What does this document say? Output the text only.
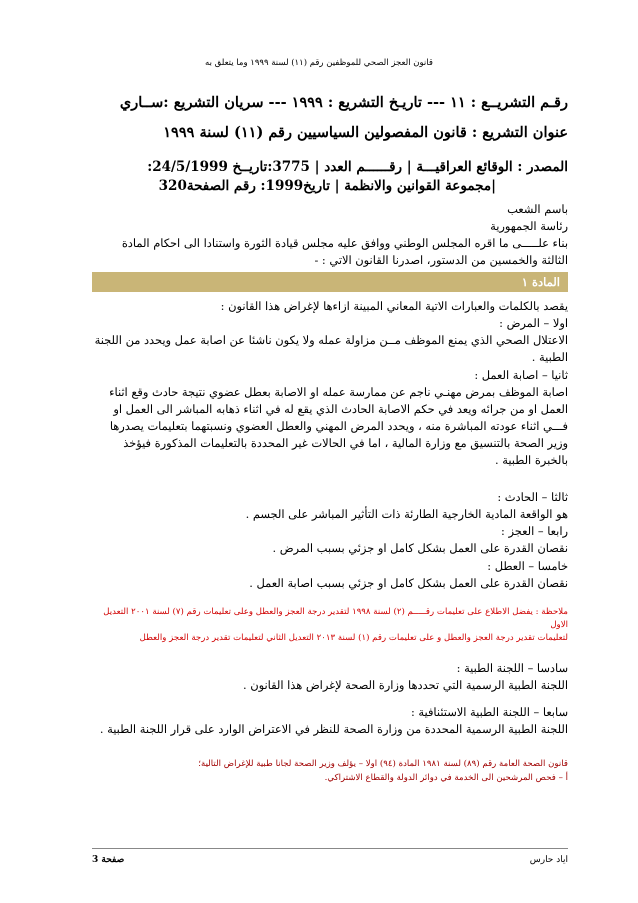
قانون العجز الصحي للموظفين رقم (١١) لسنة ١٩٩٩ وما يتعلق به

رقـم التشريــع : ١١ --- تاريـخ التشريع : ١٩٩٩ --- سريان التشريع :ســاري

عنوان التشريع : قانون المفصولين السياسيين رقم (١١) لسنة ١٩٩٩

المصدر : الوقائع العراقيـــة | رقــــــم العدد | 3775:تاريــخ 24/5/1999:
|مجموعة القوانين والانظمة | تاريخ1999: رقم الصفحة320

باسم الشعب

رئاسة الجمهورية

بناء علـــــى ما اقره المجلس الوطني ووافق عليه مجلس قيادة الثورة واستنادا الى احكام المادة الثالثة والخمسين من الدستور، اصدرنا القانون الاتي : -

المادة ١

يقصد بالكلمات والعبارات الاتية المعاني المبينة ازاءها لإغراض هذا القانون :

اولا – المرض :

الاعتلال الصحي الذي يمنع الموظف مــن مزاولة عمله ولا يكون ناشئا عن اصابة عمل ويحدد من اللجنة الطبية .

ثانيا – اصابة العمل :

اصابة الموظف بمرض مهنـي ناجم عن ممارسة عمله او الاصابة بعطل عضوي نتيجة حادث وقع اثناء العمل او من جرائه ويعد في حكم الاصابة الحادث الذي يقع له في اثناء ذهابه المباشر الى العمل او فـــي اثناء عودته المباشرة منه ، ويحدد المرض المهني والعطل العضوي ونسبتهما بتعليمات يصدرها وزير الصحة بالتنسيق مع وزارة المالية ، اما في الحالات غير المحددة بالتعليمات المذكورة فيؤخذ بالخبرة الطبية .

ثالثا – الحادث :

هو الواقعة المادية الخارجية الطارئة ذات التأثير المباشر على الجسم .

رابعا – العجز :

نقصان القدرة على العمل بشكل كامل او جزئي بسبب المرض .

خامسا – العطل :

نقصان القدرة على العمل بشكل كامل او جزئي بسبب اصابة العمل .

ملاحظة : يفضل الاطلاع على تعليمات رقـــــم (٢) لسنة ١٩٩٨ لتقدير درجة العجز والعطل وعلى تعليمات رقم (٧) لسنة ٢٠٠١ التعديل الاول

لتعليمات تقدير درجة العجز والعطل و على تعليمات رقم (١) لسنة ٢٠١٣ التعديل الثاني لتعليمات تقدير درجة العجز والعطل

سادسا – اللجنة الطبية :

اللجنة الطبية الرسمية التي تحددها وزارة الصحة لإغراض هذا القانون .

سابعا – اللجنة الطبية الاستئنافية :

اللجنة الطبية الرسمية المحددة من وزارة الصحة للنظر في الاعتراض الوارد على قرار اللجنة الطبية .

قانون الصحة العامة رقم (٨٩) لسنة ١٩٨١ المادة (٩٤) اولا – يؤلف وزير الصحة لجانا طبية للإغراض التالية؛

أ – فحص المرشحين الى الخدمة في دوائر الدولة والقطاع الاشتراكي.

اياد حارس
صفحة 3
